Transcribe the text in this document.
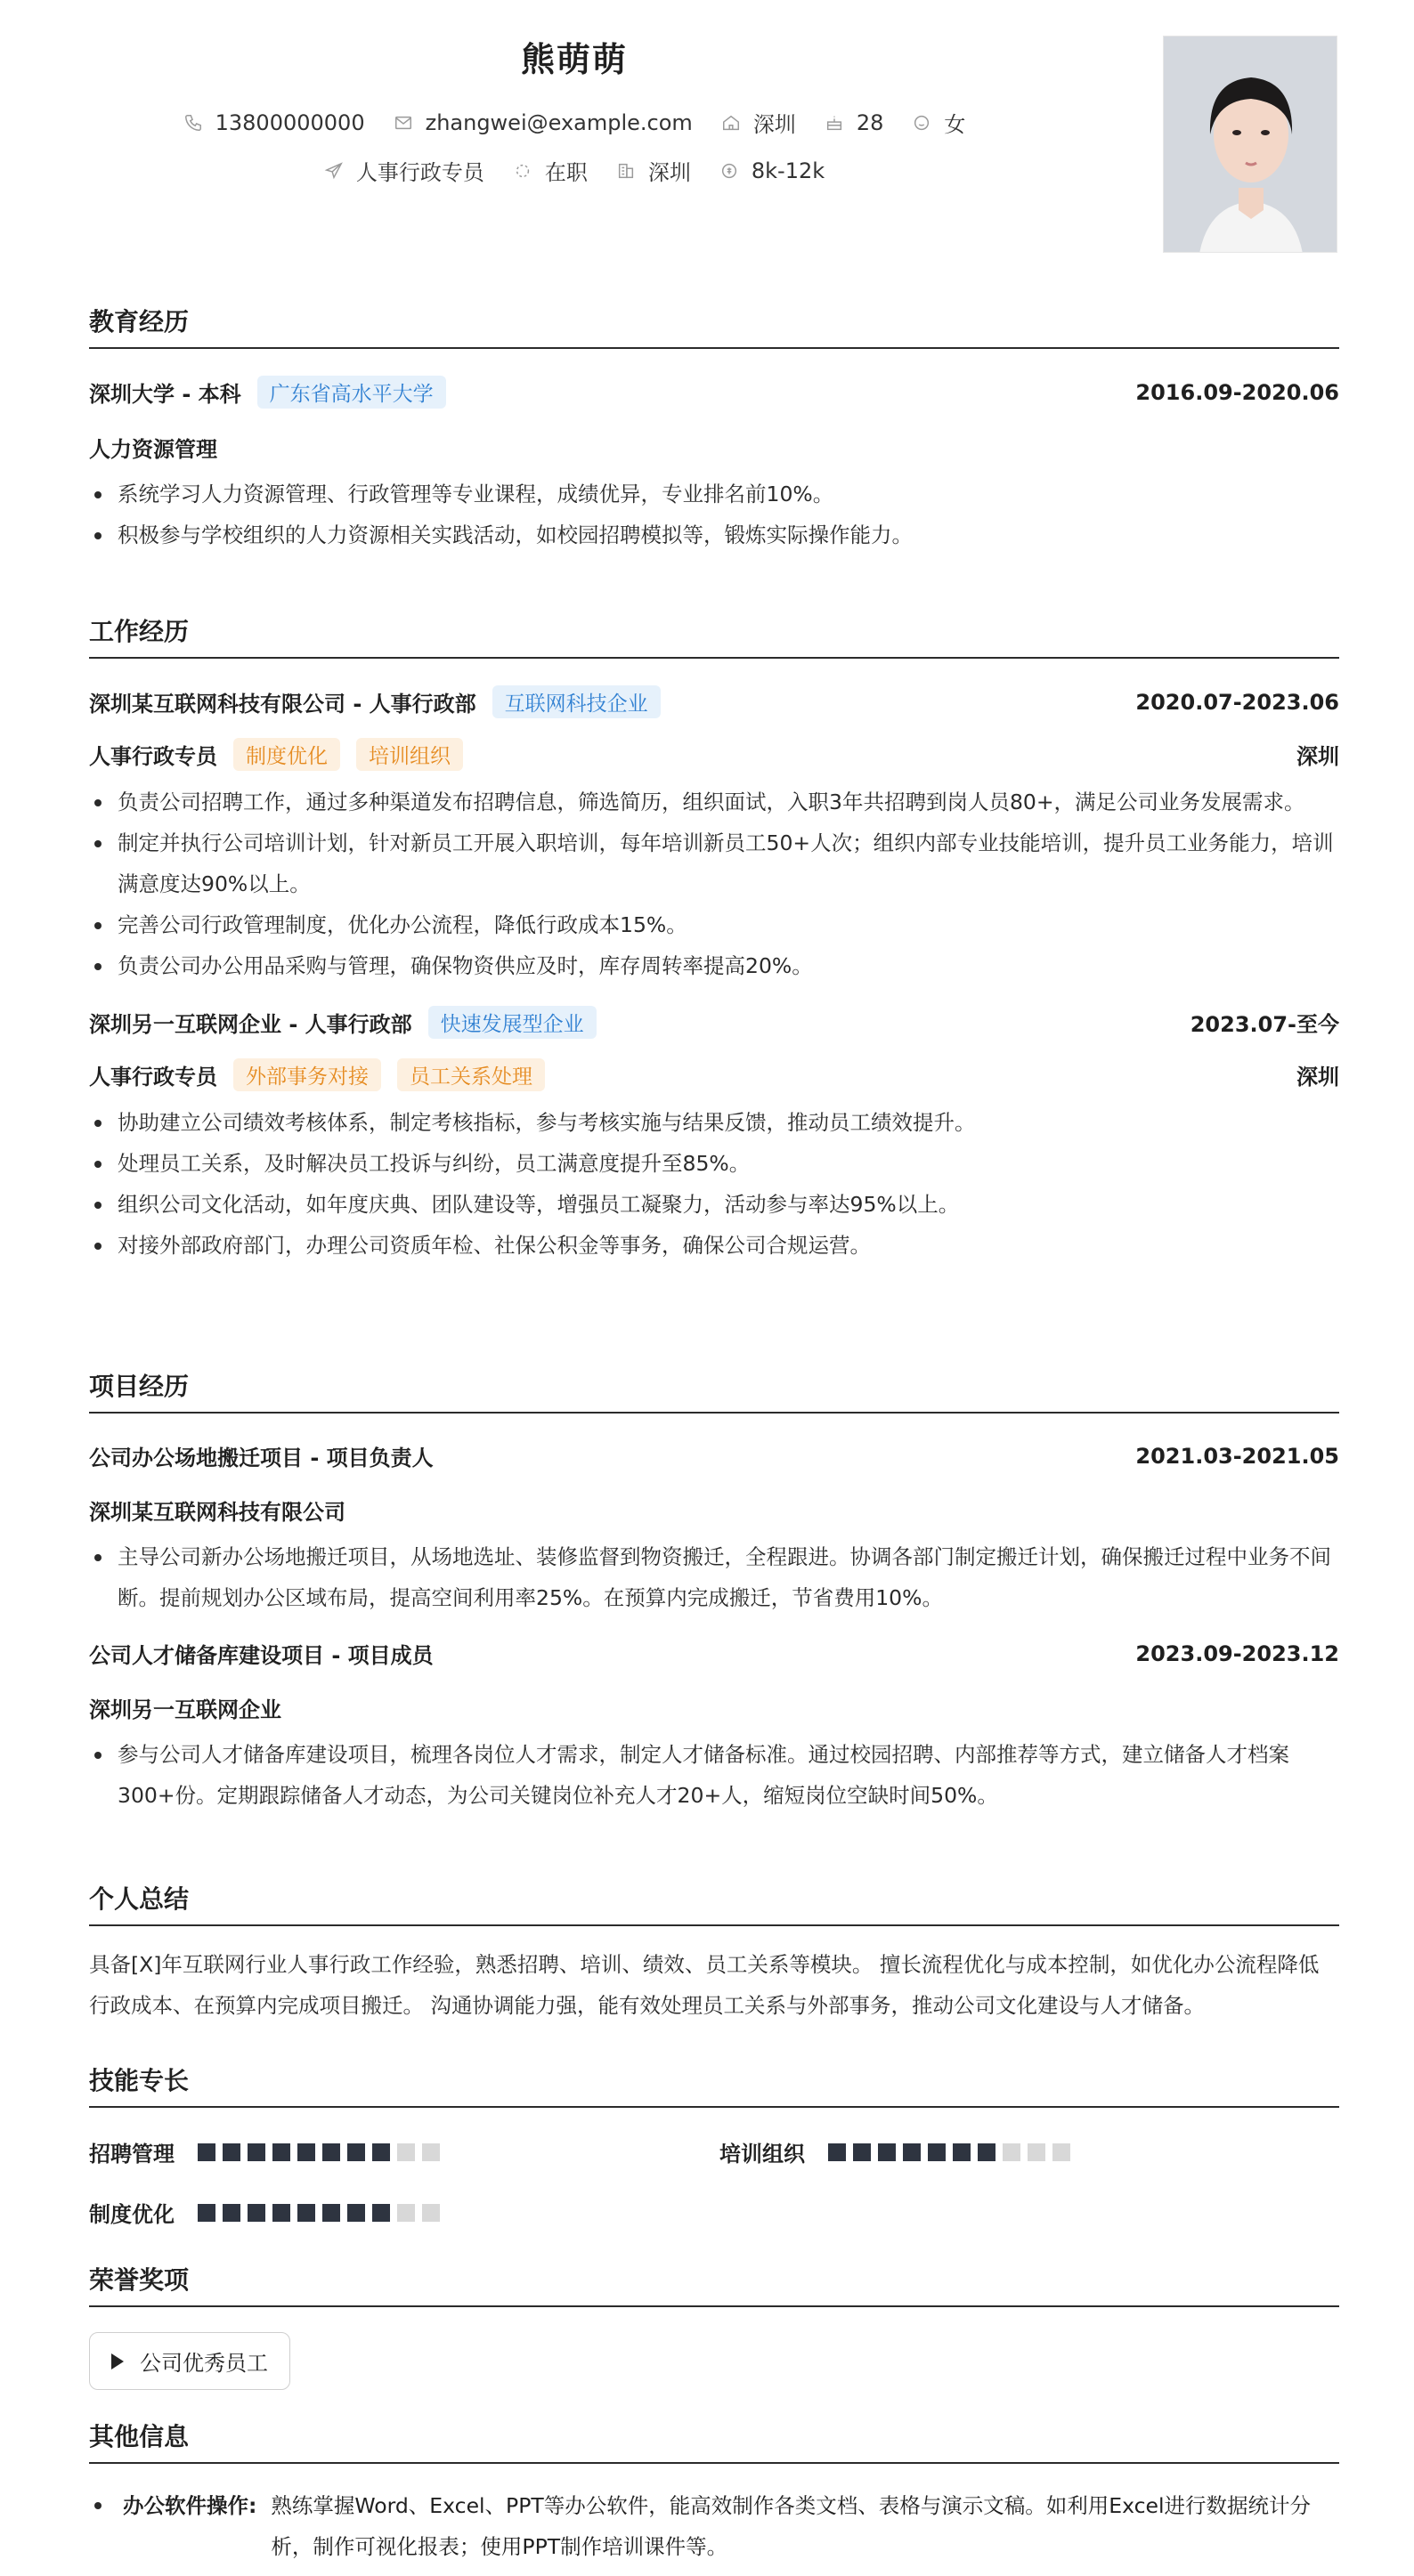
熊萌萌
13800000000	zhangwei@example.com	深圳	28	女
人事行政专员	在职	深圳	8k-12k
教育经历
深圳大学 - 本科	广东省高水平大学	2016.09-2020.06
人力资源管理
系统学习人力资源管理、行政管理等专业课程，成绩优异，专业排名前10%。
积极参与学校组织的人力资源相关实践活动，如校园招聘模拟等，锻炼实际操作能力。
工作经历
深圳某互联网科技有限公司 - 人事行政部	互联网科技企业	2020.07-2023.06
人事行政专员	制度优化	培训组织	深圳
负责公司招聘工作，通过多种渠道发布招聘信息，筛选简历，组织面试，入职3年共招聘到岗人员80+，满足公司业务发展需求。
制定并执行公司培训计划，针对新员工开展入职培训，每年培训新员工50+人次；组织内部专业技能培训，提升员工业务能力，培训满意度达90%以上。
完善公司行政管理制度，优化办公流程，降低行政成本15%。
负责公司办公用品采购与管理，确保物资供应及时，库存周转率提高20%。
深圳另一互联网企业 - 人事行政部	快速发展型企业	2023.07-至今
人事行政专员	外部事务对接	员工关系处理	深圳
协助建立公司绩效考核体系，制定考核指标，参与考核实施与结果反馈，推动员工绩效提升。
处理员工关系，及时解决员工投诉与纠纷，员工满意度提升至85%。
组织公司文化活动，如年度庆典、团队建设等，增强员工凝聚力，活动参与率达95%以上。
对接外部政府部门，办理公司资质年检、社保公积金等事务，确保公司合规运营。
项目经历
公司办公场地搬迁项目 - 项目负责人	2021.03-2021.05
深圳某互联网科技有限公司
主导公司新办公场地搬迁项目，从场地选址、装修监督到物资搬迁，全程跟进。协调各部门制定搬迁计划，确保搬迁过程中业务不间断。提前规划办公区域布局，提高空间利用率25%。在预算内完成搬迁，节省费用10%。
公司人才储备库建设项目 - 项目成员	2023.09-2023.12
深圳另一互联网企业
参与公司人才储备库建设项目，梳理各岗位人才需求，制定人才储备标准。通过校园招聘、内部推荐等方式，建立储备人才档案300+份。定期跟踪储备人才动态，为公司关键岗位补充人才20+人，缩短岗位空缺时间50%。
个人总结
具备[X]年互联网行业人事行政工作经验，熟悉招聘、培训、绩效、员工关系等模块。 擅长流程优化与成本控制，如优化办公流程降低行政成本、在预算内完成项目搬迁。 沟通协调能力强，能有效处理员工关系与外部事务，推动公司文化建设与人才储备。
技能专长
招聘管理	培训组织
制度优化
荣誉奖项
公司优秀员工
其他信息
办公软件操作: 熟练掌握Word、Excel、PPT等办公软件，能高效制作各类文档、表格与演示文稿。如利用Excel进行数据统计分析，制作可视化报表；使用PPT制作培训课件等。
